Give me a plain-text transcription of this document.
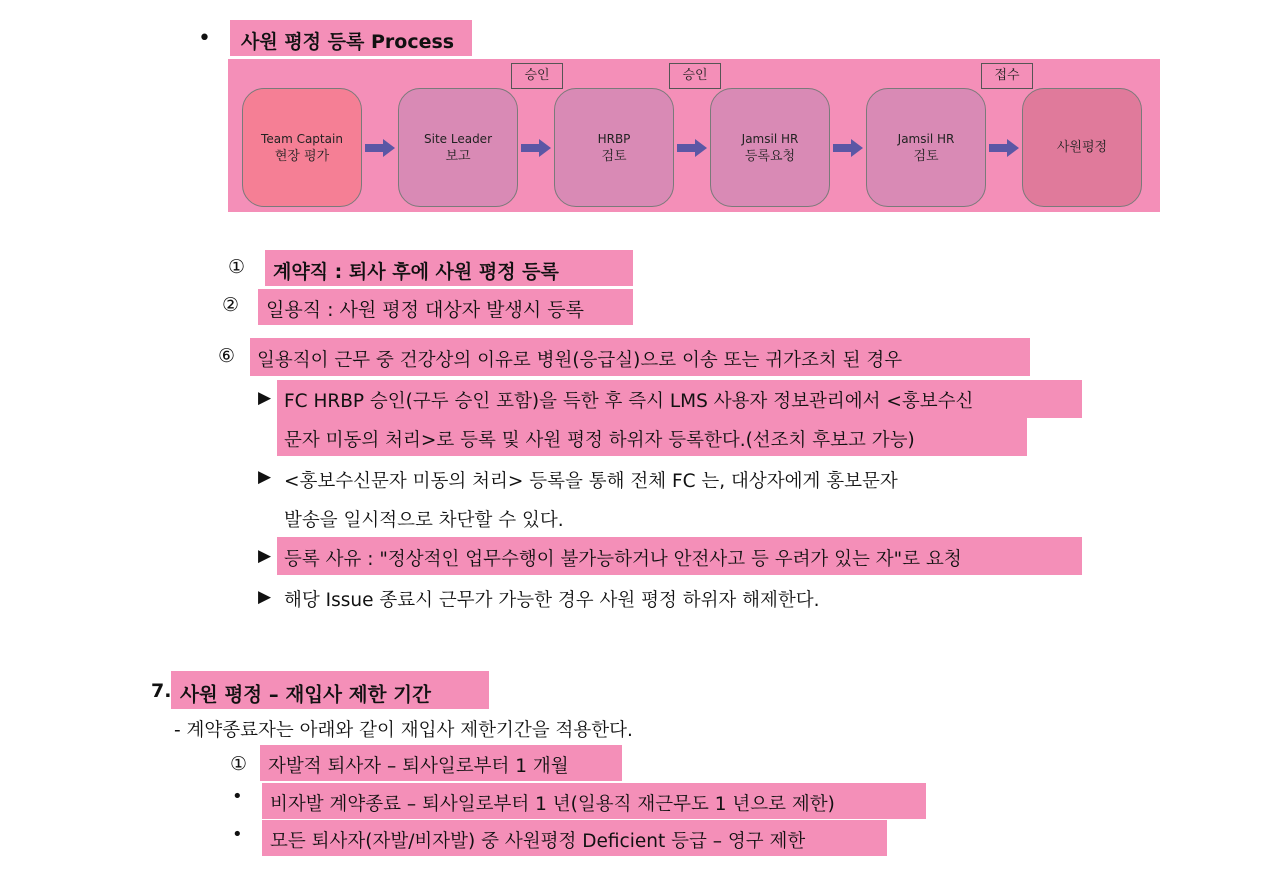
• 사원 평정 등록 Process
승인	승인	접수
Team Captain
현장 평가
Site Leader
보고
HRBP
검토
Jamsil HR
등록요청
Jamsil HR
검토
사원평정
① 계약직 : 퇴사 후에 사원 평정 등록
② 일용직 : 사원 평정 대상자 발생시 등록
⑥ 일용직이 근무 중 건강상의 이유로 병원(응급실)으로 이송 또는 귀가조치 된 경우
▶ FC HRBP 승인(구두 승인 포함)을 득한 후 즉시 LMS 사용자 정보관리에서 <홍보수신
문자 미동의 처리>로 등록 및 사원 평정 하위자 등록한다.(선조치 후보고 가능)
▶ <홍보수신문자 미동의 처리> 등록을 통해 전체 FC 는, 대상자에게 홍보문자
발송을 일시적으로 차단할 수 있다.
▶ 등록 사유 : "정상적인 업무수행이 불가능하거나 안전사고 등 우려가 있는 자"로 요청
▶ 해당 Issue 종료시 근무가 가능한 경우 사원 평정 하위자 해제한다.
7. 사원 평정 – 재입사 제한 기간
- 계약종료자는 아래와 같이 재입사 제한기간을 적용한다.
① 자발적 퇴사자 – 퇴사일로부터 1 개월
• 비자발 계약종료 – 퇴사일로부터 1 년(일용직 재근무도 1 년으로 제한)
• 모든 퇴사자(자발/비자발) 중 사원평정 Deficient 등급 – 영구 제한
